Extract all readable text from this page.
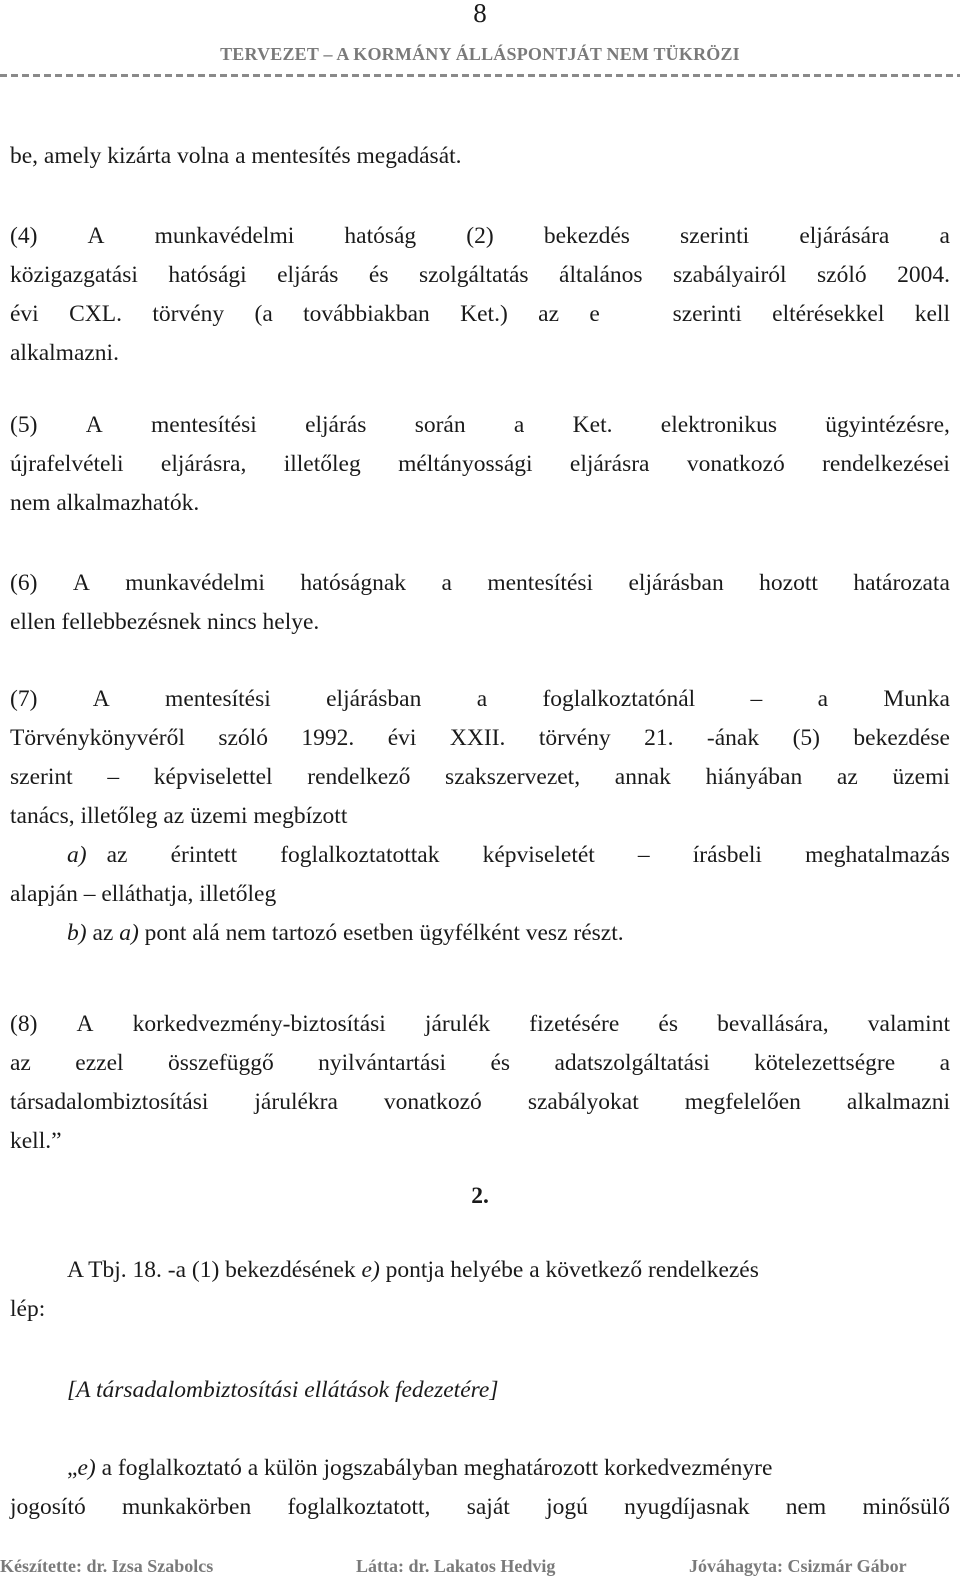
8
TERVEZET – A KORMÁNY ÁLLÁSPONTJÁT NEM TÜKRÖZI
be, amely kizárta volna a mentesítés megadását.
(4) A munkavédelmi hatóság (2) bekezdés szerinti eljárására a
közigazgatási hatósági eljárás és szolgáltatás általános szabályairól szóló 2004.
évi CXL. törvény (a továbbiakban Ket.) az e
	szerinti eltérésekkel kell
alkalmazni.
(5) A mentesítési eljárás során a Ket. elektronikus ügyintézésre,
újrafelvételi eljárásra, illetőleg méltányossági eljárásra vonatkozó rendelkezései
nem alkalmazhatók.
(6) A munkavédelmi hatóságnak a mentesítési eljárásban hozott határozata
ellen fellebbezésnek nincs helye.
(7) A mentesítési eljárásban a foglalkoztatónál – a Munka
Törvénykönyvéről szóló 1992. évi XXII. törvény 21. -ának (5) bekezdése
szerint – képviselettel rendelkező szakszervezet, annak hiányában az üzemi
tanács, illetőleg az üzemi megbízott
a) az érintett foglalkoztatottak képviseletét – írásbeli meghatalmazás
alapján – elláthatja, illetőleg
b) az a) pont alá nem tartozó esetben ügyfélként vesz részt.
(8) A korkedvezmény-biztosítási járulék fizetésére és bevallására, valamint
az ezzel összefüggő nyilvántartási és adatszolgáltatási kötelezettségre a
társadalombiztosítási járulékra vonatkozó szabályokat megfelelően alkalmazni
kell.”
2.
A Tbj. 18. -a (1) bekezdésének e) pontja helyébe a következő rendelkezés
lép:
[A társadalombiztosítási ellátások fedezetére]
„e) a foglalkoztató a külön jogszabályban meghatározott korkedvezményre
jogosító munkakörben foglalkoztatott, saját jogú nyugdíjasnak nem minősülő
Készítette: dr. Izsa Szabolcs	Látta: dr. Lakatos Hedvig	Jóváhagyta: Csizmár Gábor
